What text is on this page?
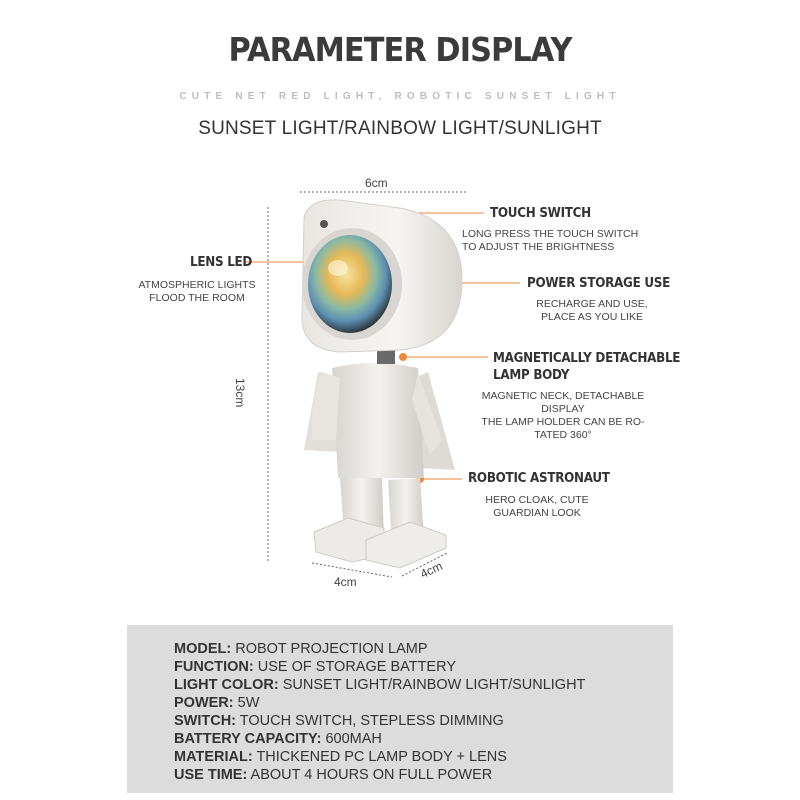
PARAMETER DISPLAY
CUTE NET RED LIGHT, ROBOTIC SUNSET LIGHT
SUNSET LIGHT/RAINBOW LIGHT/SUNLIGHT
6cm
13cm
4cm
4cm
TOUCH SWITCH
LONG PRESS THE TOUCH SWITCH
TO ADJUST THE BRIGHTNESS
LENS LED
ATMOSPHERIC LIGHTS
FLOOD THE ROOM
POWER STORAGE USE
RECHARGE AND USE,
PLACE AS YOU LIKE
MAGNETICALLY DETACHABLE
LAMP BODY
MAGNETIC NECK, DETACHABLE
DISPLAY
THE LAMP HOLDER CAN BE RO-
TATED 360°
ROBOTIC ASTRONAUT
HERO CLOAK, CUTE
GUARDIAN LOOK
MODEL: ROBOT PROJECTION LAMP
FUNCTION: USE OF STORAGE BATTERY
LIGHT COLOR: SUNSET LIGHT/RAINBOW LIGHT/SUNLIGHT
POWER: 5W
SWITCH: TOUCH SWITCH, STEPLESS DIMMING
BATTERY CAPACITY: 600MAH
MATERIAL: THICKENED PC LAMP BODY + LENS
USE TIME: ABOUT 4 HOURS ON FULL POWER
